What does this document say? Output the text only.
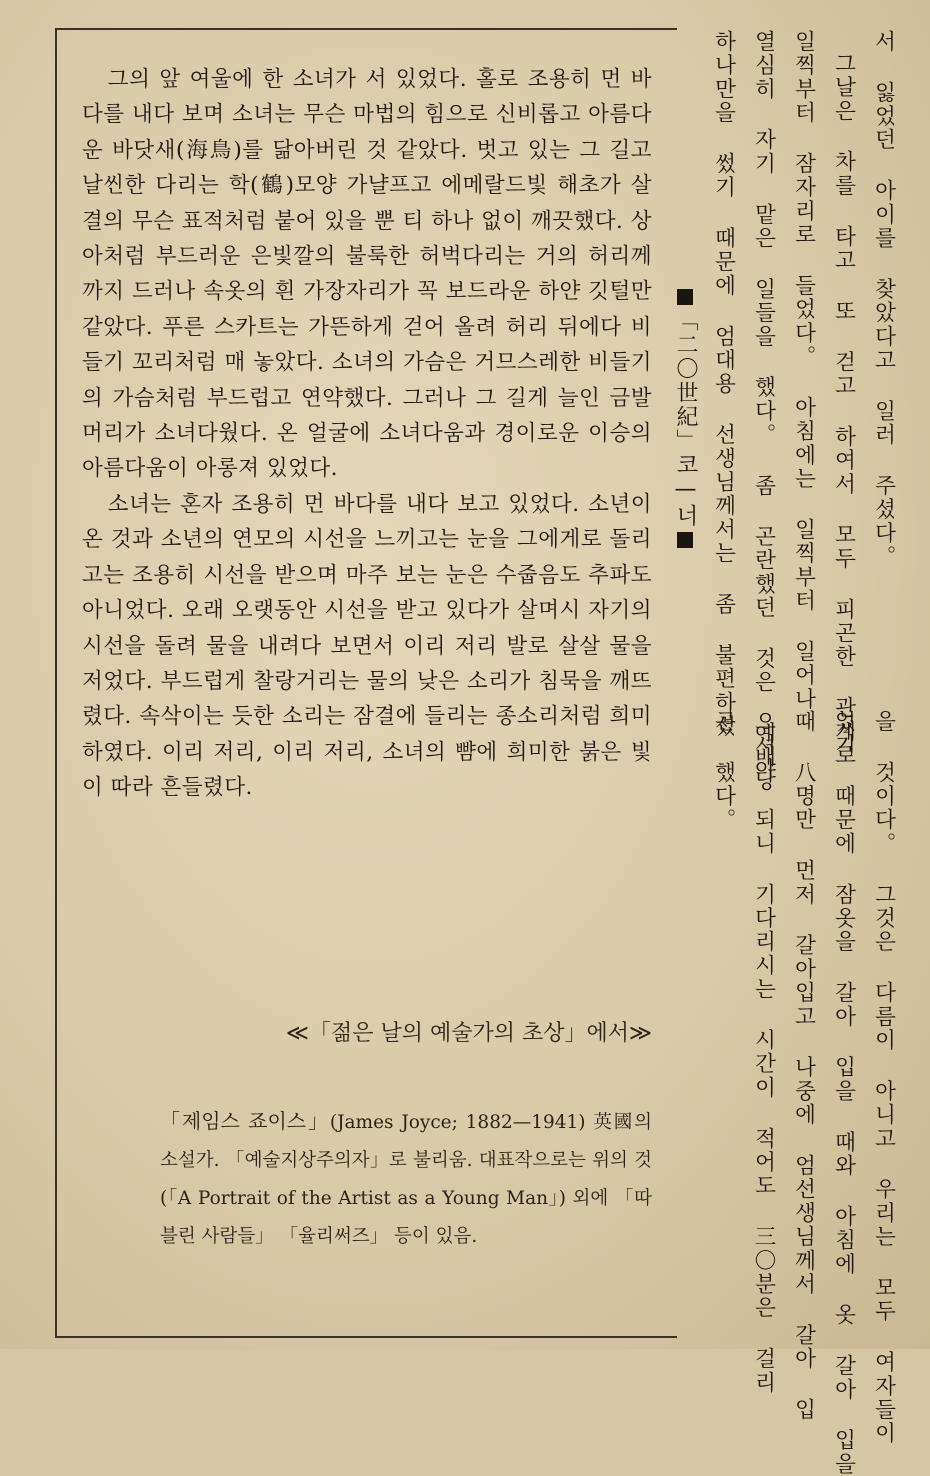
그의 앞 여울에 한 소녀가 서 있었다. 홀로 조용히 먼 바다를 내다 보며 소녀는 무슨 마법의 힘으로 신비롭고 아름다운 바닷새(海鳥)를 닮아버린 것 같았다. 벗고 있는 그 길고 날씬한 다리는 학(鶴)모양 가냘프고 에메랄드빛 해초가 살결의 무슨 표적처럼 붙어 있을 뿐 티 하나 없이 깨끗했다. 상아처럼 부드러운 은빛깔의 불룩한 허벅다리는 거의 허리께까지 드러나 속옷의 흰 가장자리가 꼭 보드라운 하얀 깃털만 같았다. 푸른 스카트는 가뜬하게 걷어 올려 허리 뒤에다 비들기 꼬리처럼 매 놓았다. 소녀의 가슴은 거므스레한 비들기의 가슴처럼 부드럽고 연약했다. 그러나 그 길게 늘인 금발 머리가 소녀다웠다. 온 얼굴에 소녀다움과 경이로운 이승의 아름다움이 아롱져 있었다.

소녀는 혼자 조용히 먼 바다를 내다 보고 있었다. 소년이 온 것과 소년의 연모의 시선을 느끼고는 눈을 그에게로 돌리고는 조용히 시선을 받으며 마주 보는 눈은 수줍음도 추파도 아니었다. 오래 오랫동안 시선을 받고 있다가 살며시 자기의 시선을 돌려 물을 내려다 보면서 이리 저리 발로 살살 물을 저었다. 부드럽게 찰랑거리는 물의 낮은 소리가 침묵을 깨뜨렸다. 속삭이는 듯한 소리는 잠결에 들리는 종소리처럼 희미하였다. 이리 저리, 이리 저리, 소녀의 뺨에 희미한 붉은 빛이 따라 흔들렸다.

≪「젊은 날의 예술가의 초상」에서≫
「제임스 죠이스」(James Joyce; 1882—1941) 英國의 소설가. 「예술지상주의자」로 불리움. 대표작으로는 위의 것(「A Portrait of the Artist as a Young Man」) 외에 「따블린 사람들」 「율리써즈」 등이 있음.
「二〇世紀」코—너	서 잃었던 아이를 찾았다고 일러 주셨다。
그날은 차를 타고 또 걷고 하여서 모두 피곤한 관계로
일찍부터 잠자리로 들었다。 아침에는 일찍부터 일어나
열심히 자기 맡은 일들을 했다。 좀 곤란했던 것은 예배당
하나만을 썼기 때문에 엄대용 선생님께서는 좀 불편하셨
을 것이다。 그것은 다름이 아니고 우리는 모두 여자들이
었기 때문에 잠옷을 갈아 입을 때와 아침에 옷 갈아 입을
때 八명만 먼저 갈아입고 나중에 엄선생님께서 갈아 입
으셔야 되니 기다리시는 시간이 적어도 三〇분은 걸리
곤 했다。
